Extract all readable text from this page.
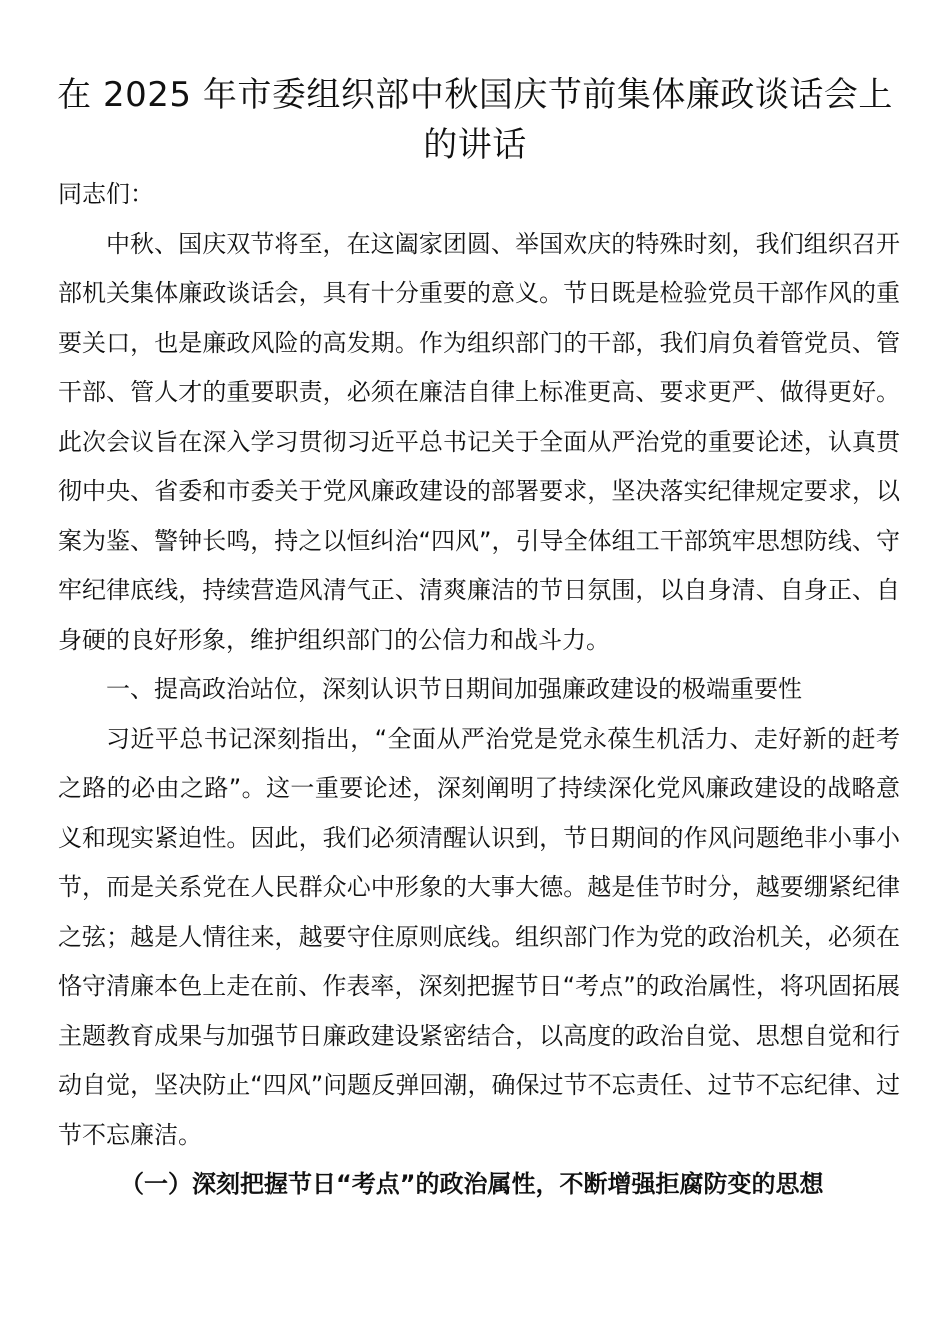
在 2025 年市委组织部中秋国庆节前集体廉政谈话会上的讲话

同志们：

中秋、国庆双节将至，在这阖家团圆、举国欢庆的特殊时刻，我们组织召开部机关集体廉政谈话会，具有十分重要的意义。节日既是检验党员干部作风的重要关口，也是廉政风险的高发期。作为组织部门的干部，我们肩负着管党员、管干部、管人才的重要职责，必须在廉洁自律上标准更高、要求更严、做得更好。此次会议旨在深入学习贯彻习近平总书记关于全面从严治党的重要论述，认真贯彻中央、省委和市委关于党风廉政建设的部署要求，坚决落实纪律规定要求，以案为鉴、警钟长鸣，持之以恒纠治“四风”，引导全体组工干部筑牢思想防线、守牢纪律底线，持续营造风清气正、清爽廉洁的节日氛围，以自身清、自身正、自身硬的良好形象，维护组织部门的公信力和战斗力。

一、提高政治站位，深刻认识节日期间加强廉政建设的极端重要性

习近平总书记深刻指出，“全面从严治党是党永葆生机活力、走好新的赶考之路的必由之路”。这一重要论述，深刻阐明了持续深化党风廉政建设的战略意义和现实紧迫性。因此，我们必须清醒认识到，节日期间的作风问题绝非小事小节，而是关系党在人民群众心中形象的大事大德。越是佳节时分，越要绷紧纪律之弦；越是人情往来，越要守住原则底线。组织部门作为党的政治机关，必须在恪守清廉本色上走在前、作表率，深刻把握节日“考点”的政治属性，将巩固拓展主题教育成果与加强节日廉政建设紧密结合，以高度的政治自觉、思想自觉和行动自觉，坚决防止“四风”问题反弹回潮，确保过节不忘责任、过节不忘纪律、过节不忘廉洁。

（一）深刻把握节日“考点”的政治属性，不断增强拒腐防变的思想
